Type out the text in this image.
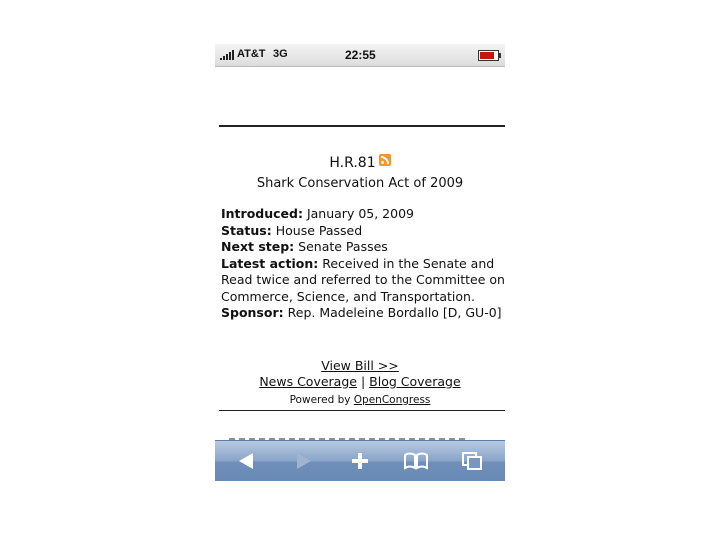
AT&T 3G	22:55
H.R.81
Shark Conservation Act of 2009

Introduced: January 05, 2009

Status: House Passed

Next step: Senate Passes

Latest action: Received in the Senate and Read twice and referred to the Committee on Commerce, Science, and Transportation.

Sponsor: Rep. Madeleine Bordallo [D, GU-0]

View Bill >>
News Coverage | Blog Coverage
Powered by OpenCongress
